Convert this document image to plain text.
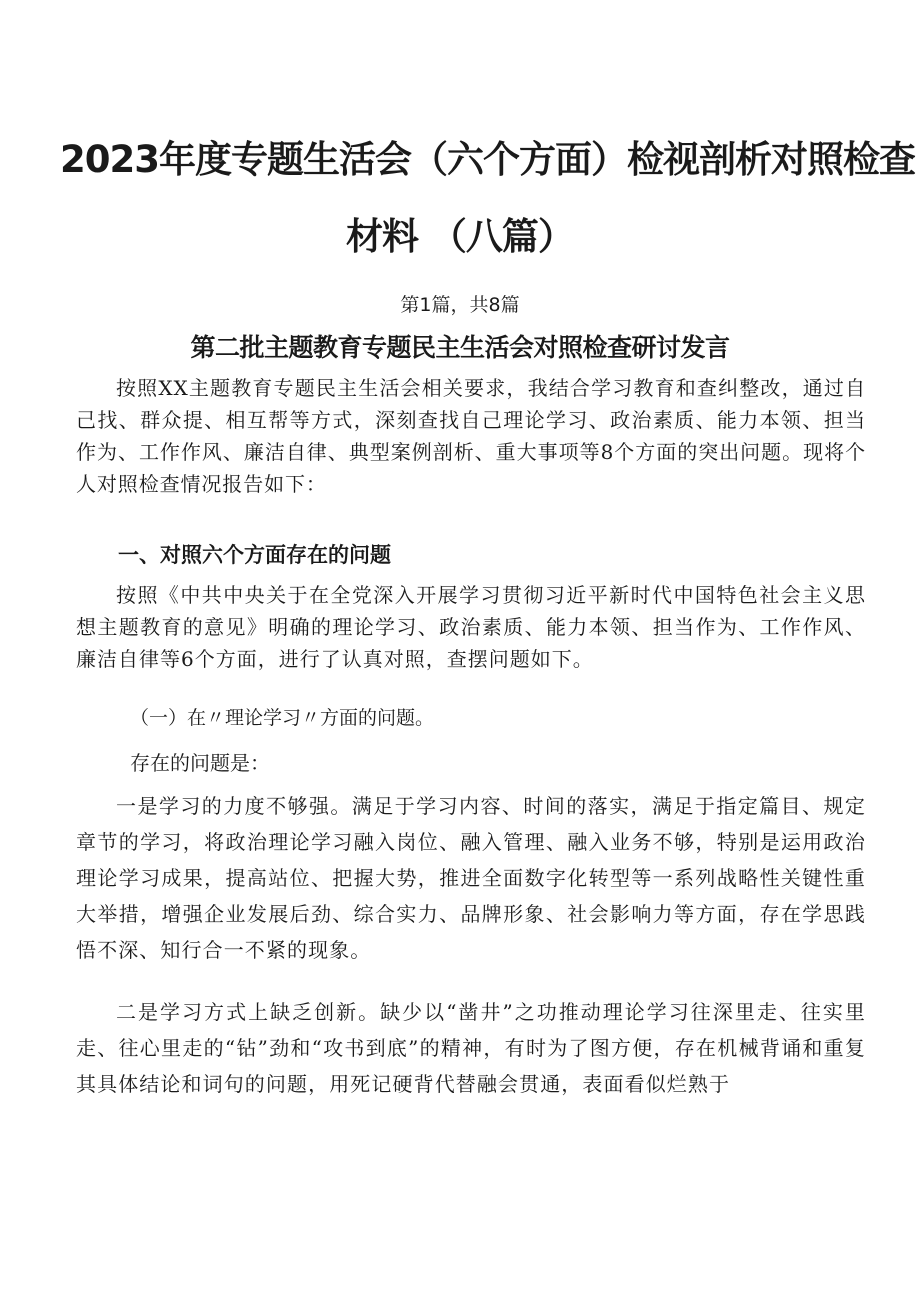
2023年度专题生活会（六个方面）检视剖析对照检查
材料 （八篇）

第1篇，共8篇

第二批主题教育专题民主生活会对照检查研讨发言

按照XX主题教育专题民主生活会相关要求，我结合学习教育和查纠整改，通过自己找、群众提、相互帮等方式，深刻查找自己理论学习、政治素质、能力本领、担当作为、工作作风、廉洁自律、典型案例剖析、重大事项等8个方面的突出问题。现将个人对照检查情况报告如下：

一、对照六个方面存在的问题

按照《中共中央关于在全党深入开展学习贯彻习近平新时代中国特色社会主义思想主题教育的意见》明确的理论学习、政治素质、能力本领、担当作为、工作作风、廉洁自律等6个方面，进行了认真对照，查摆问题如下。

（一）在〃理论学习〃方面的问题。

存在的问题是：

一是学习的力度不够强。满足于学习内容、时间的落实，满足于指定篇目、规定章节的学习，将政治理论学习融入岗位、融入管理、融入业务不够，特别是运用政治理论学习成果，提高站位、把握大势，推进全面数字化转型等一系列战略性关键性重大举措，增强企业发展后劲、综合实力、品牌形象、社会影响力等方面，存在学思践悟不深、知行合一不紧的现象。

二是学习方式上缺乏创新。缺少以“凿井”之功推动理论学习往深里走、往实里走、往心里走的“钻”劲和“攻书到底”的精神，有时为了图方便，存在机械背诵和重复其具体结论和词句的问题，用死记硬背代替融会贯通，表面看似烂熟于
